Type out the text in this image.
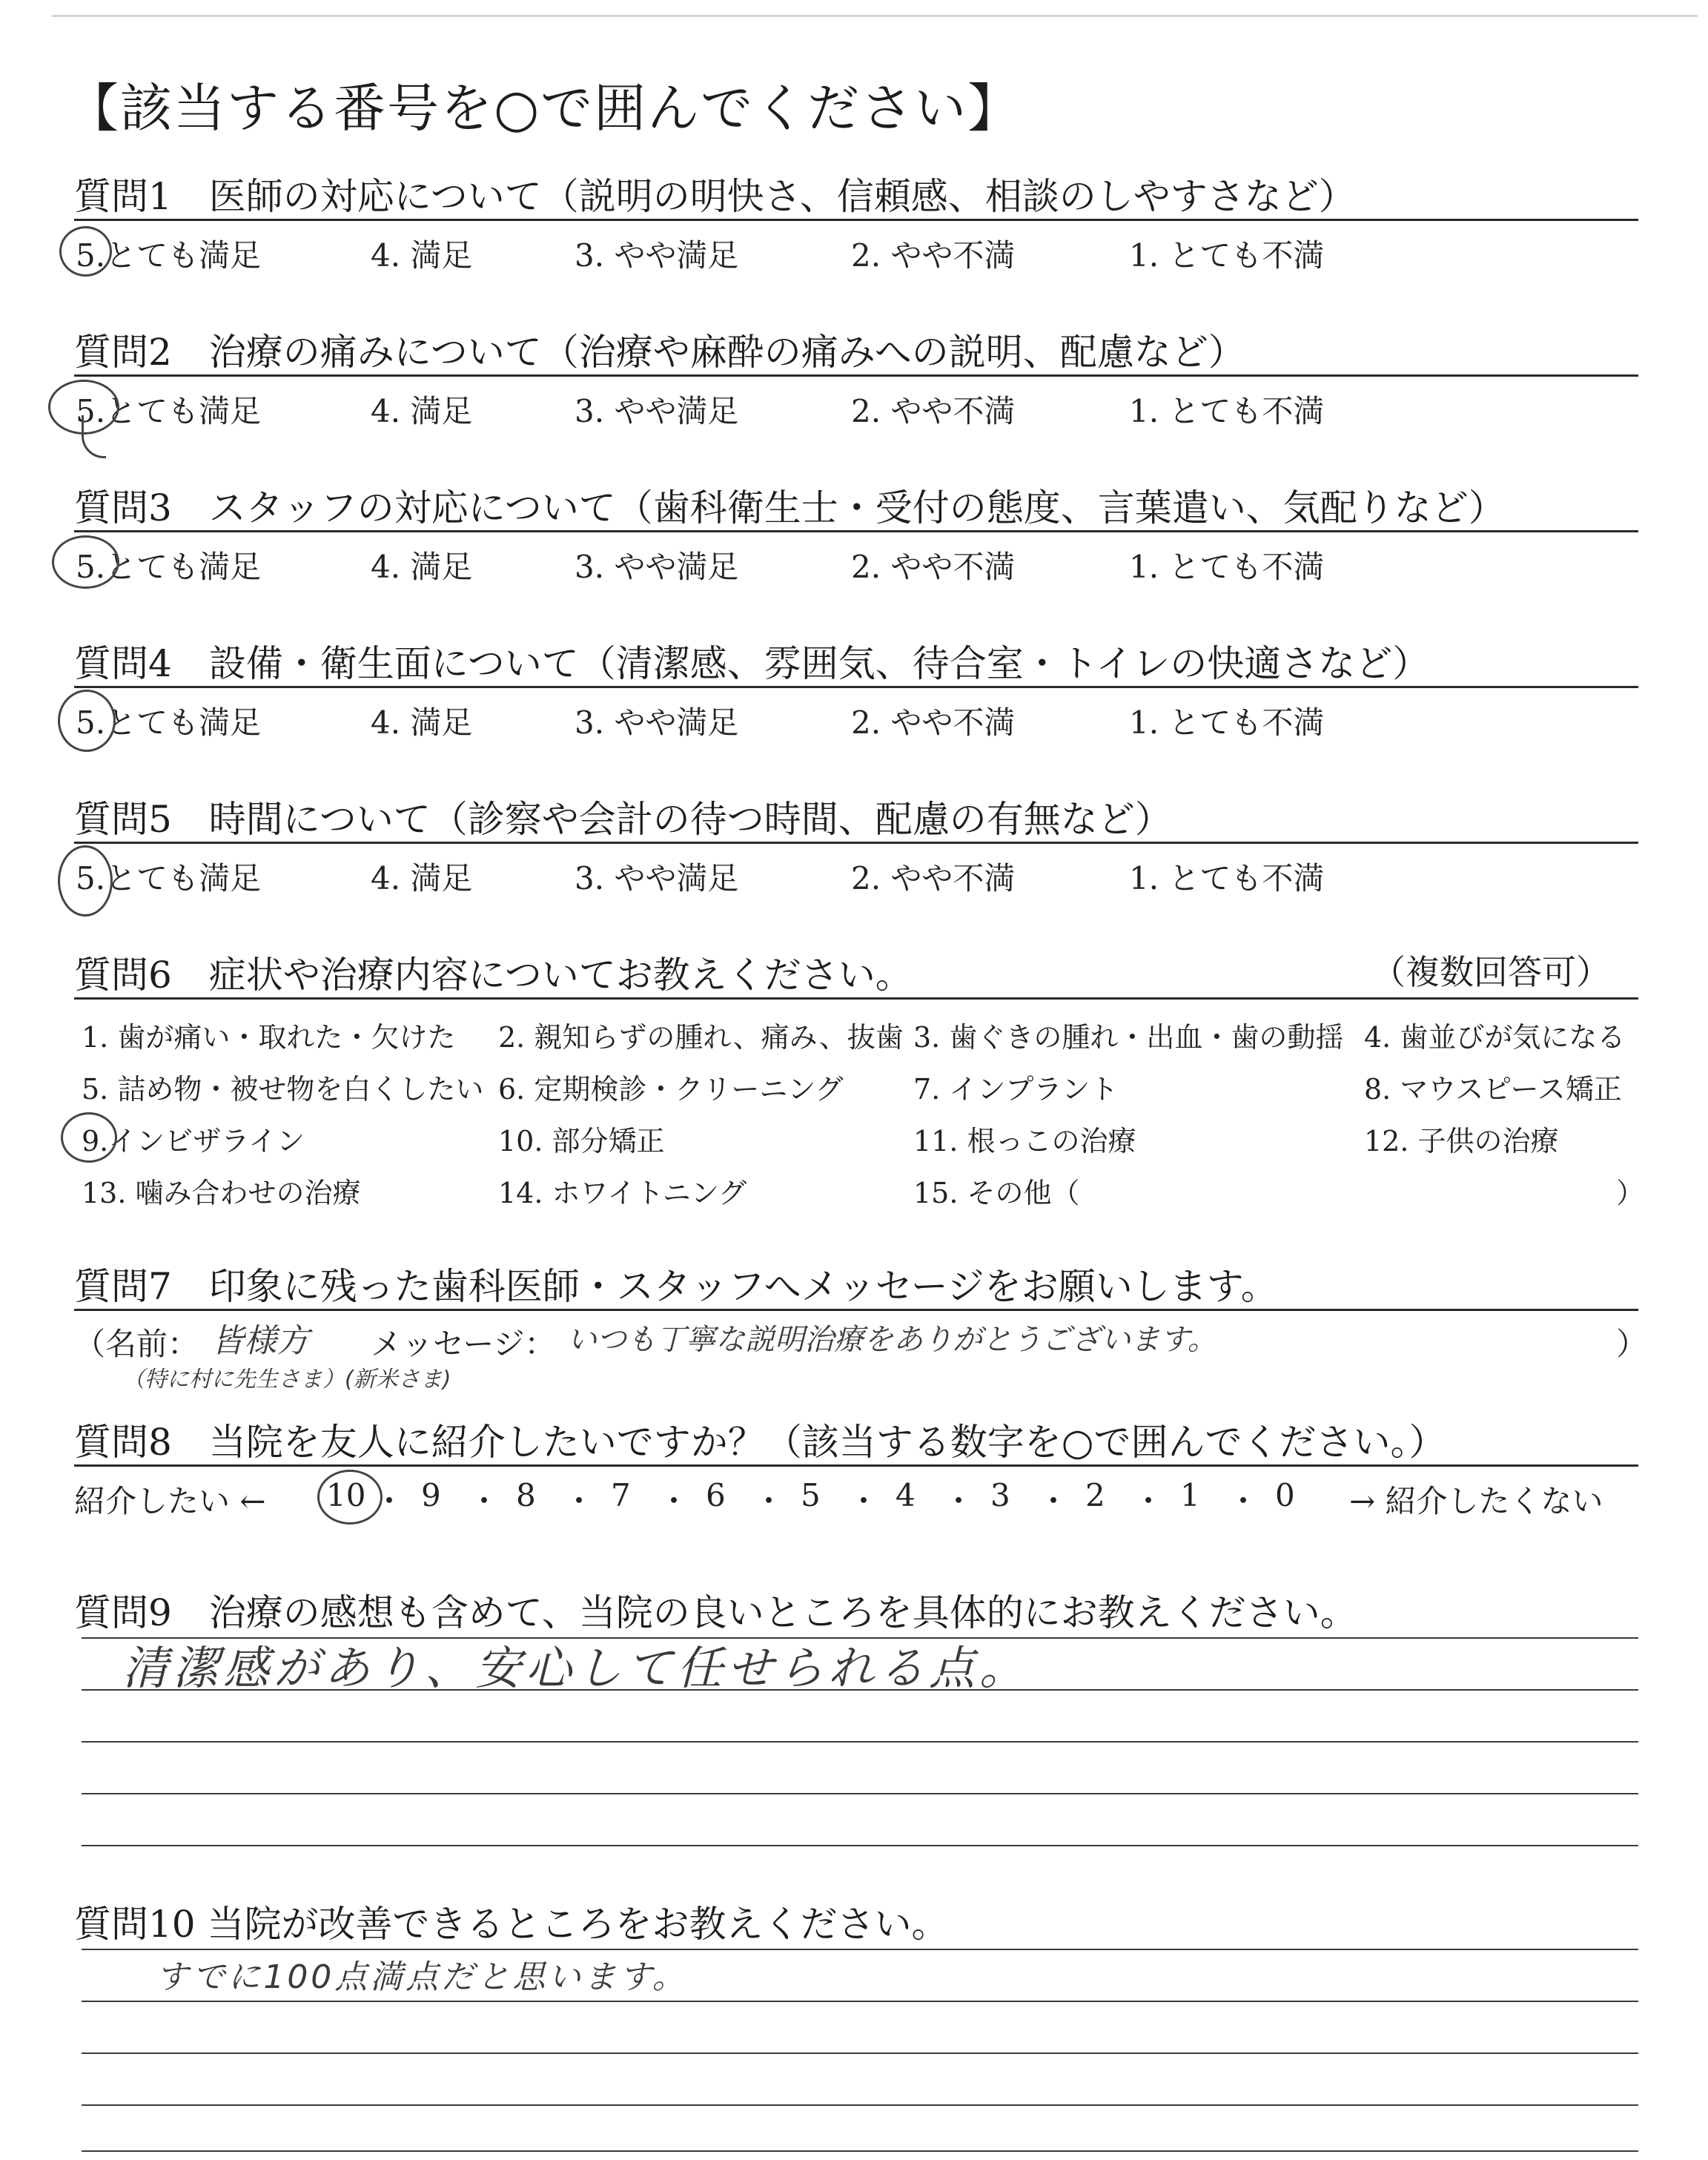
【該当する番号を○で囲んでください】
質問1　医師の対応について（説明の明快さ、信頼感、相談のしやすさなど）
5.とても満足	4. 満足	3. やや満足	2. やや不満	1. とても不満
質問2　治療の痛みについて（治療や麻酔の痛みへの説明、配慮など）
5.とても満足	4. 満足	3. やや満足	2. やや不満	1. とても不満
質問3　スタッフの対応について（歯科衛生士・受付の態度、言葉遣い、気配りなど）
5.とても満足	4. 満足	3. やや満足	2. やや不満	1. とても不満
質問4　設備・衛生面について（清潔感、雰囲気、待合室・トイレの快適さなど）
5.とても満足	4. 満足	3. やや満足	2. やや不満	1. とても不満
質問5　時間について（診察や会計の待つ時間、配慮の有無など）
5.とても満足	4. 満足	3. やや満足	2. やや不満	1. とても不満
質問6　症状や治療内容についてお教えください。	（複数回答可）
1. 歯が痛い・取れた・欠けた 2. 親知らずの腫れ、痛み、抜歯 3. 歯ぐきの腫れ・出血・歯の動揺 4. 歯並びが気になる
5. 詰め物・被せ物を白くしたい 6. 定期検診・クリーニング 7. インプラント	8. マウスピース矯正
9.インビザライン	10. 部分矯正	11. 根っこの治療	12. 子供の治療
13. 噛み合わせの治療	14. ホワイトニング	15. その他（	）
質問7　印象に残った歯科医師・スタッフへメッセージをお願いします。
（名前： 皆様方
（特に村に先生さま）(新米さま)
メッセージ： いつも丁寧な説明治療をありがとうございます。	）
質問8　当院を友人に紹介したいですか？（該当する数字を○で囲んでください。）
紹介したい ← 10 ・ 9 ・ 8 ・ 7 ・ 6 ・ 5 ・ 4 ・ 3 ・ 2 ・ 1 ・ 0 → 紹介したくない
質問9　治療の感想も含めて、当院の良いところを具体的にお教えください。
清潔感があり、安心して任せられる点。
質問10 当院が改善できるところをお教えください。
すでに100点満点だと思います。
